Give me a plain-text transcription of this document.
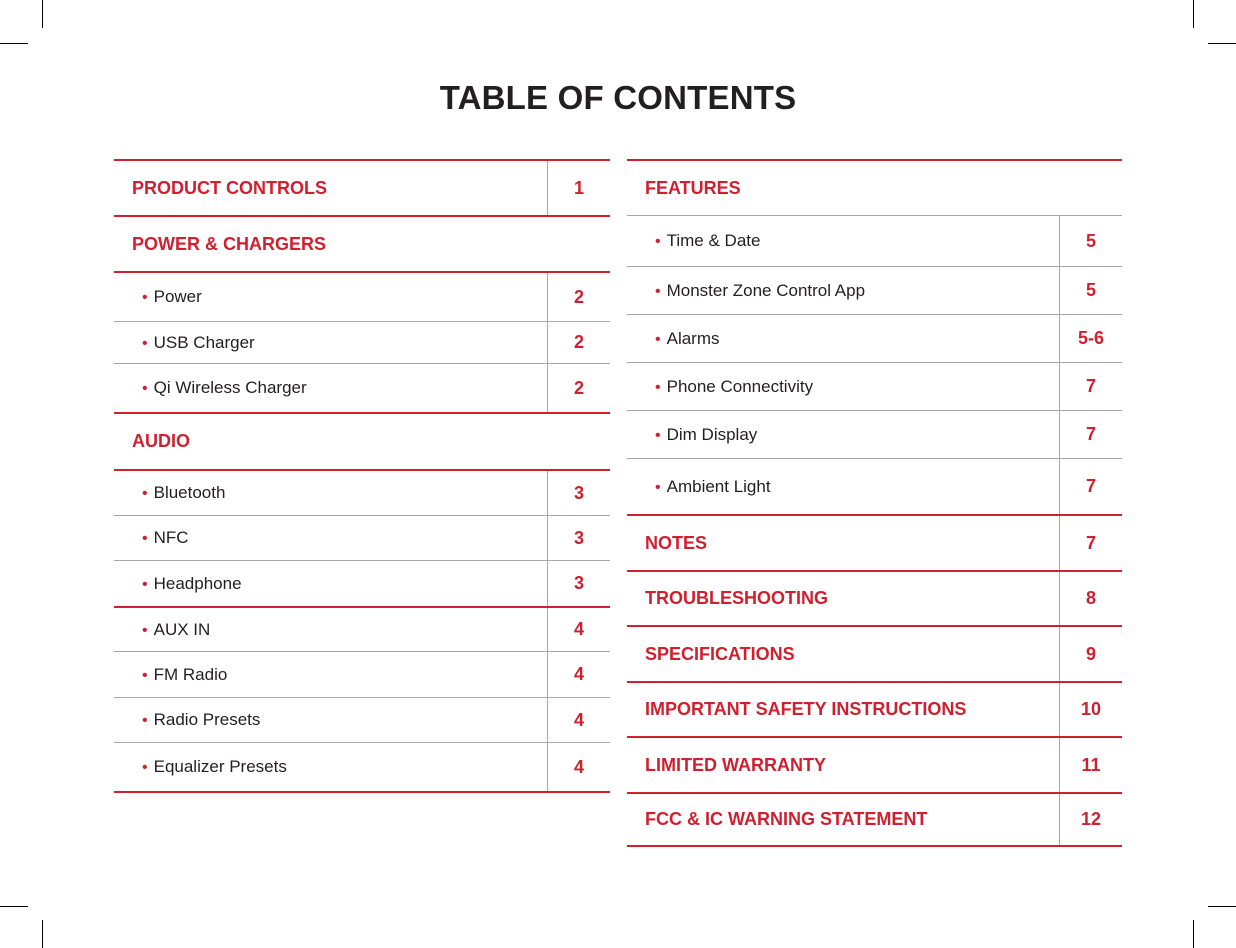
TABLE OF CONTENTS
PRODUCT CONTROLS	1
POWER & CHARGERS
• Power	2
• USB Charger	2
• Qi Wireless Charger	2
AUDIO
• Bluetooth	3
• NFC	3
• Headphone	3
• AUX IN	4
• FM Radio	4
• Radio Presets	4
• Equalizer Presets	4
FEATURES
• Time & Date	5
• Monster Zone Control App	5
• Alarms	5-6
• Phone Connectivity	7
• Dim Display	7
• Ambient Light	7
NOTES	7
TROUBLESHOOTING	8
SPECIFICATIONS	9
IMPORTANT SAFETY INSTRUCTIONS	10
LIMITED WARRANTY	11
FCC & IC WARNING STATEMENT	12
